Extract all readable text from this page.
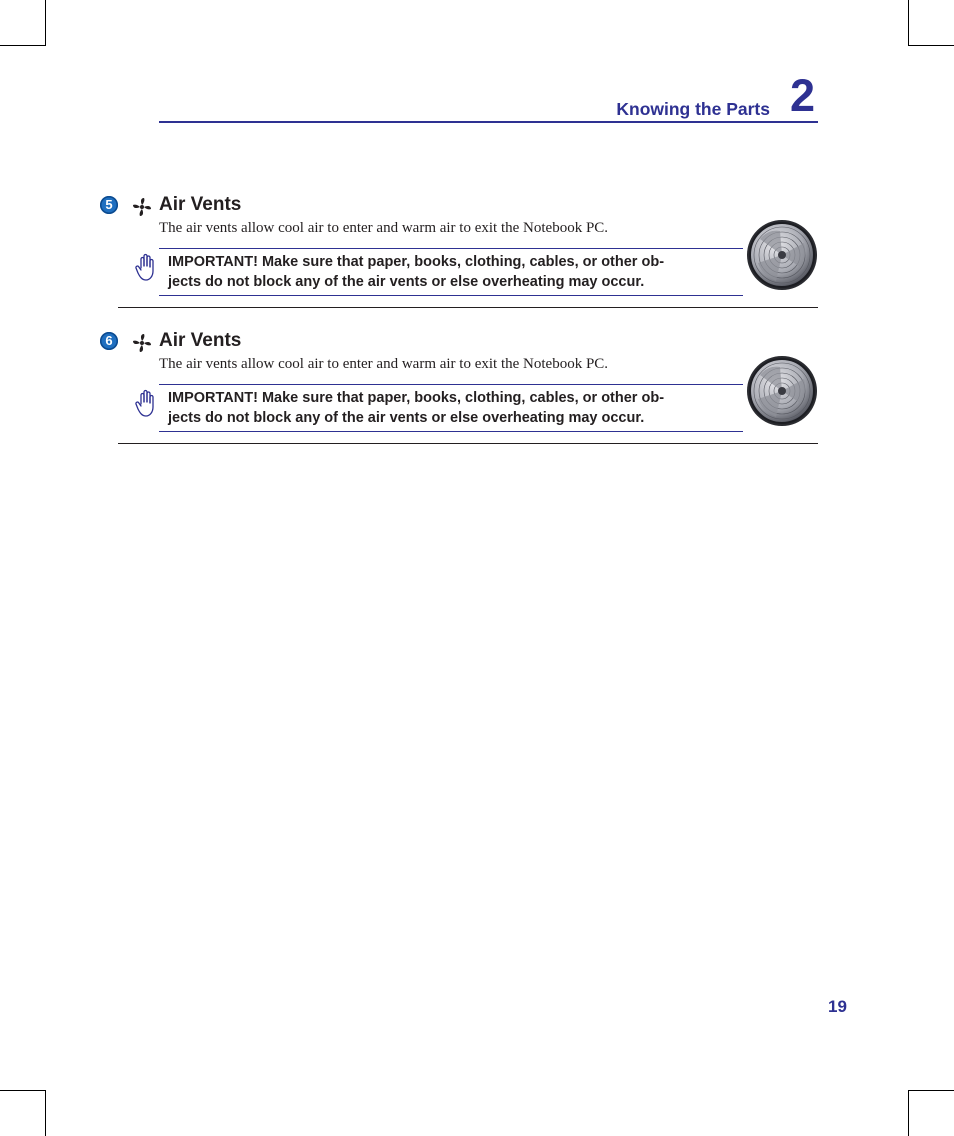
Knowing the Parts 2
5 Air Vents
The air vents allow cool air to enter and warm air to exit the Notebook PC.
IMPORTANT! Make sure that paper, books, clothing, cables, or other ob-
jects do not block any of the air vents or else overheating may occur.
6 Air Vents
The air vents allow cool air to enter and warm air to exit the Notebook PC.
IMPORTANT! Make sure that paper, books, clothing, cables, or other ob-
jects do not block any of the air vents or else overheating may occur.
19
